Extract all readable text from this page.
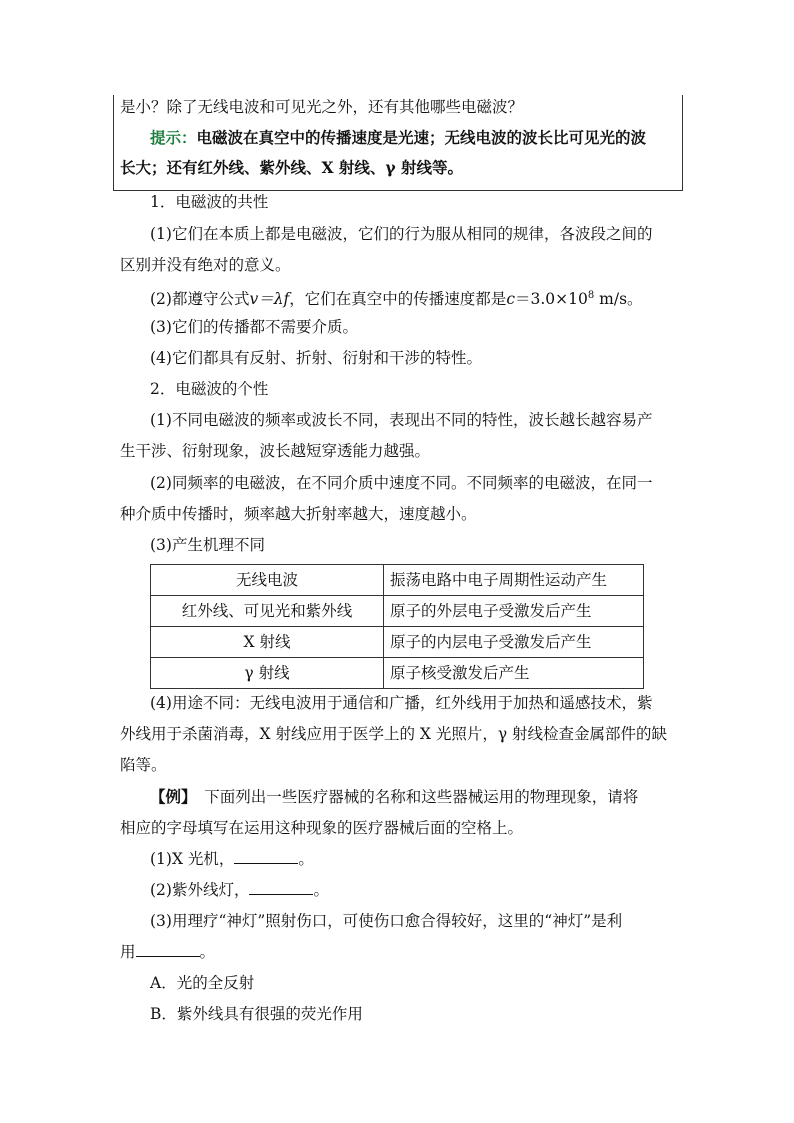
是小？除了无线电波和可见光之外，还有其他哪些电磁波？
提示：电磁波在真空中的传播速度是光速；无线电波的波长比可见光的波
长大；还有红外线、紫外线、X 射线、γ 射线等。
1．电磁波的共性
(1)它们在本质上都是电磁波，它们的行为服从相同的规律，各波段之间的
区别并没有绝对的意义。
(2)都遵守公式v＝λf，它们在真空中的传播速度都是$c=3.0\times 10^8$ m/s。
(3)它们的传播都不需要介质。
(4)它们都具有反射、折射、衍射和干涉的特性。
2．电磁波的个性
(1)不同电磁波的频率或波长不同，表现出不同的特性，波长越长越容易产
生干涉、衍射现象，波长越短穿透能力越强。
(2)同频率的电磁波，在不同介质中速度不同。不同频率的电磁波，在同一
种介质中传播时，频率越大折射率越大，速度越小。
(3)产生机理不同
无线电波	振荡电路中电子周期性运动产生
红外线、可见光和紫外线	原子的外层电子受激发后产生
X 射线	原子的内层电子受激发后产生
γ 射线	原子核受激发后产生
(4)用途不同：无线电波用于通信和广播，红外线用于加热和遥感技术，紫
外线用于杀菌消毒，X 射线应用于医学上的 X 光照片，γ 射线检查金属部件的缺
陷等。
【例】　下面列出一些医疗器械的名称和这些器械运用的物理现象，请将
相应的字母填写在运用这种现象的医疗器械后面的空格上。
(1)X 光机，	。
(2)紫外线灯，	。
(3)用理疗“神灯”照射伤口，可使伤口愈合得较好，这里的“神灯”是利
用	。
A．光的全反射
B．紫外线具有很强的荧光作用
